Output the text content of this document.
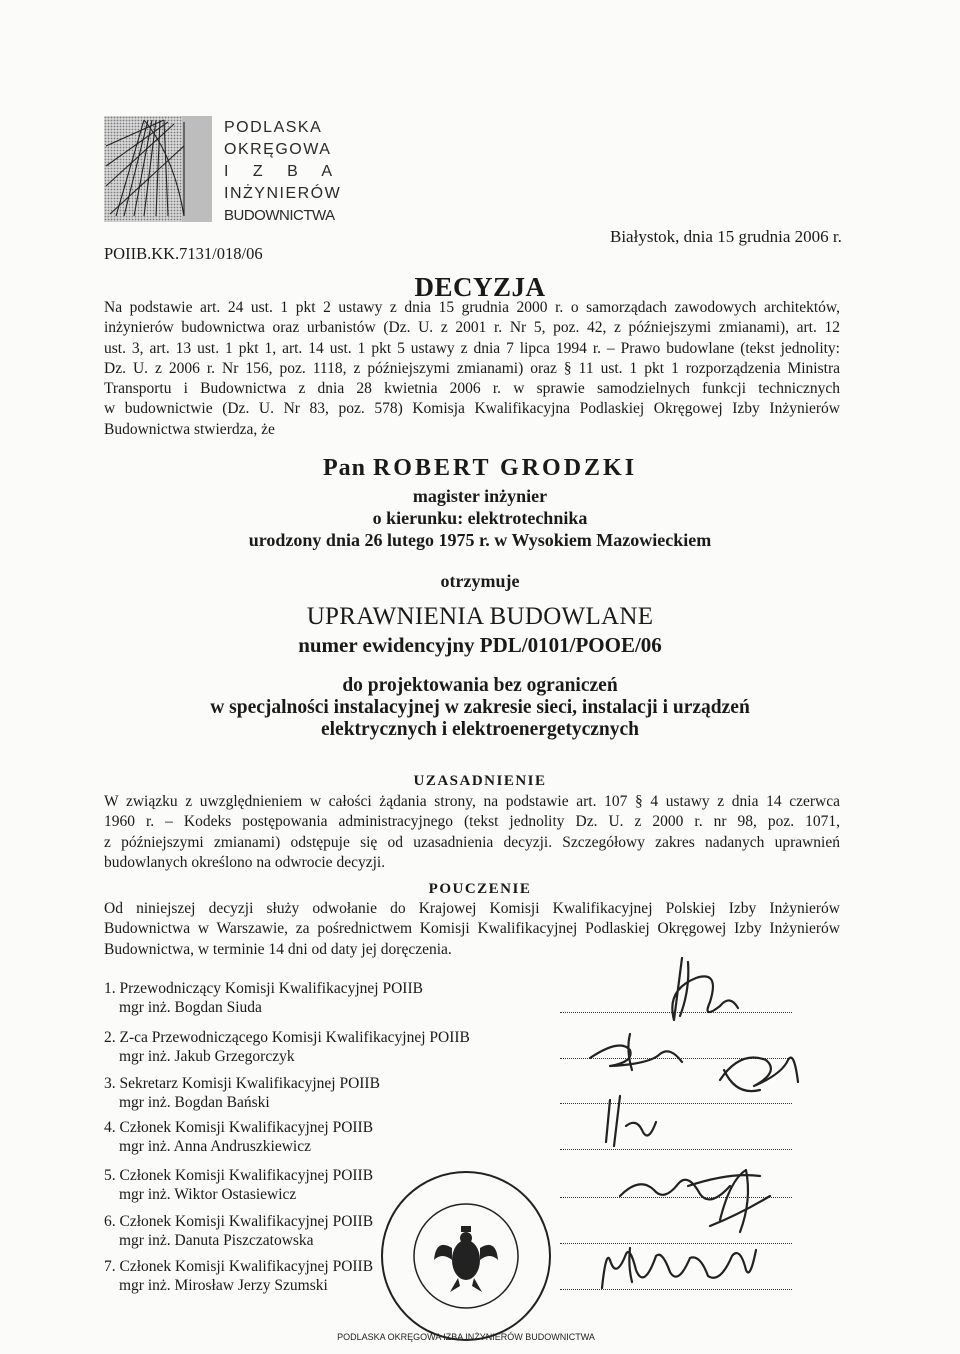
PODLASKA
OKRĘGOWA
I Z B A
INŻYNIERÓW
BUDOWNICTWA
POIIB.KK.7131/018/06
Białystok, dnia 15 grudnia 2006 r.
DECYZJA

Na podstawie art. 24 ust. 1 pkt 2 ustawy z dnia 15 grudnia 2000 r. o samorządach zawodowych architektów,

inżynierów budownictwa oraz urbanistów (Dz. U. z 2001 r. Nr 5, poz. 42, z późniejszymi zmianami), art. 12

ust. 3, art. 13 ust. 1 pkt 1, art. 14 ust. 1 pkt 5 ustawy z dnia 7 lipca 1994 r. – Prawo budowlane (tekst jednolity:

Dz. U. z 2006 r. Nr 156, poz. 1118, z późniejszymi zmianami) oraz § 11 ust. 1 pkt 1 rozporządzenia Ministra

Transportu i Budownictwa z dnia 28 kwietnia 2006 r. w sprawie samodzielnych funkcji technicznych

w budownictwie (Dz. U. Nr 83, poz. 578) Komisja Kwalifikacyjna Podlaskiej Okręgowej Izby Inżynierów

Budownictwa stwierdza, że

Pan ROBERT GRODZKI
magister inżynier
o kierunku: elektrotechnika
urodzony dnia 26 lutego 1975 r. w Wysokiem Mazowieckiem
otrzymuje
UPRAWNIENIA BUDOWLANE
numer ewidencyjny PDL/0101/POOE/06
do projektowania bez ograniczeń
w specjalności instalacyjnej w zakresie sieci, instalacji i urządzeń
elektrycznych i elektroenergetycznych
UZASADNIENIE

W związku z uwzględnieniem w całości żądania strony, na podstawie art. 107 § 4 ustawy z dnia 14 czerwca

1960 r. – Kodeks postępowania administracyjnego (tekst jednolity Dz. U. z 2000 r. nr 98, poz. 1071,

z późniejszymi zmianami) odstępuje się od uzasadnienia decyzji. Szczegółowy zakres nadanych uprawnień

budowlanych określono na odwrocie decyzji.

POUCZENIE

Od niniejszej decyzji służy odwołanie do Krajowej Komisji Kwalifikacyjnej Polskiej Izby Inżynierów

Budownictwa w Warszawie, za pośrednictwem Komisji Kwalifikacyjnej Podlaskiej Okręgowej Izby Inżynierów

Budownictwa, w terminie 14 dni od daty jej doręczenia.

1. Przewodniczący Komisji Kwalifikacyjnej POIIB
mgr inż. Bogdan Siuda
2. Z-ca Przewodniczącego Komisji Kwalifikacyjnej POIIB
mgr inż. Jakub Grzegorczyk
3. Sekretarz Komisji Kwalifikacyjnej POIIB
mgr inż. Bogdan Bański
4. Członek Komisji Kwalifikacyjnej POIIB
mgr inż. Anna Andruszkiewicz
5. Członek Komisji Kwalifikacyjnej POIIB
mgr inż. Wiktor Ostasiewicz
6. Członek Komisji Kwalifikacyjnej POIIB
mgr inż. Danuta Piszczatowska
7. Członek Komisji Kwalifikacyjnej POIIB
mgr inż. Mirosław Jerzy Szumski
PODLASKA OKRĘGOWA IZBA INŻYNIERÓW BUDOWNICTWA
